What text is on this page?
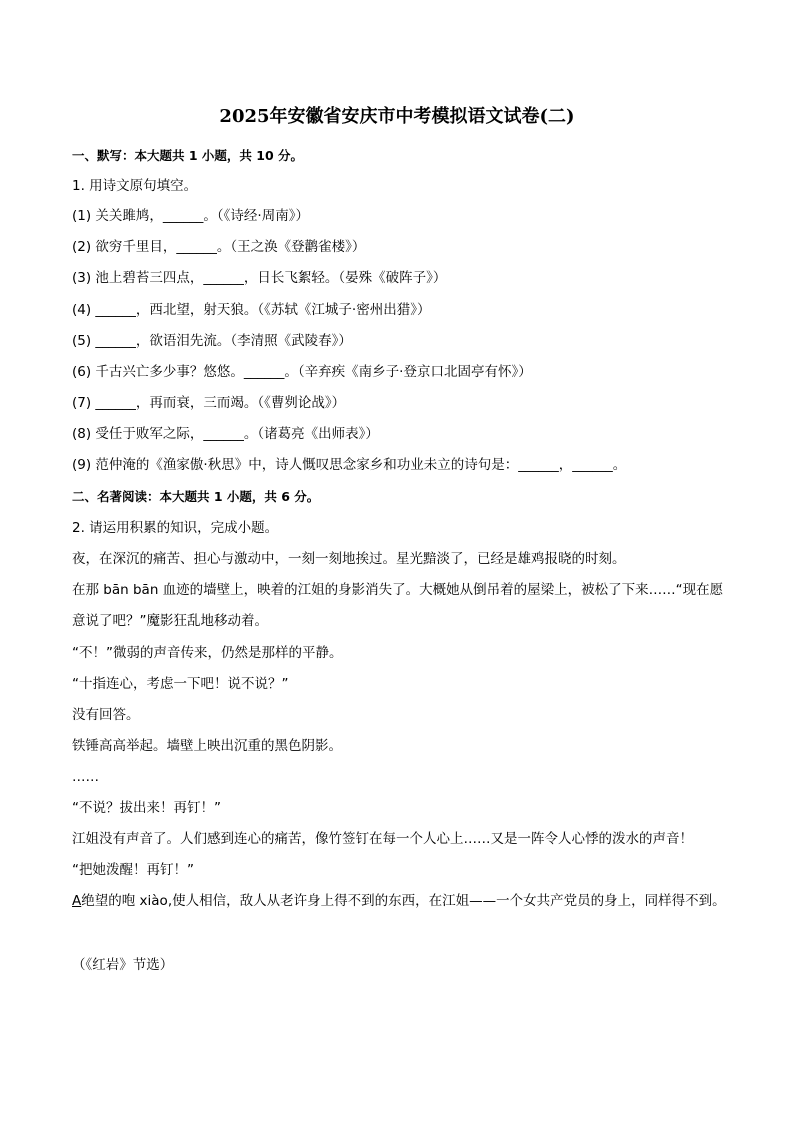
2025年安徽省安庆市中考模拟语文试卷(二)
一、默写：本大题共 1 小题，共 10 分。
1. 用诗文原句填空。
(1) 关关雎鸠，______。（《诗经·周南》）
(2) 欲穷千里目，______。（王之涣《登鹳雀楼》）
(3) 池上碧苔三四点，______，日长飞絮轻。（晏殊《破阵子》）
(4) ______，西北望，射天狼。（《苏轼《江城子·密州出猎》）
(5) ______，欲语泪先流。（李清照《武陵春》）
(6) 千古兴亡多少事？悠悠。______。（辛弃疾《南乡子·登京口北固亭有怀》）
(7) ______，再而衰，三而竭。（《曹刿论战》）
(8) 受任于败军之际，______。（诸葛亮《出师表》）
(9) 范仲淹的《渔家傲·秋思》中，诗人慨叹思念家乡和功业未立的诗句是：______，______。
二、名著阅读：本大题共 1 小题，共 6 分。
2. 请运用积累的知识，完成小题。
夜，在深沉的痛苦、担心与激动中，一刻一刻地挨过。星光黯淡了，已经是雄鸡报晓的时刻。
在那 bān bān 血迹的墙壁上，映着的江姐的身影消失了。大概她从倒吊着的屋梁上，被松了下来……“现在愿意说了吧？”魔影狂乱地移动着。
“不！”微弱的声音传来，仍然是那样的平静。
“十指连心，考虑一下吧！说不说？”
没有回答。
铁锤高高举起。墙壁上映出沉重的黑色阴影。
……
“不说？拔出来！再钉！”
江姐没有声音了。人们感到连心的痛苦，像竹签钉在每一个人心上……又是一阵令人心悸的泼水的声音！
“把她泼醒！再钉！”
A绝望的咆 xiào,使人相信，敌人从老许身上得不到的东西，在江姐——一个女共产党员的身上，同样得不到。
（《红岩》节选）
